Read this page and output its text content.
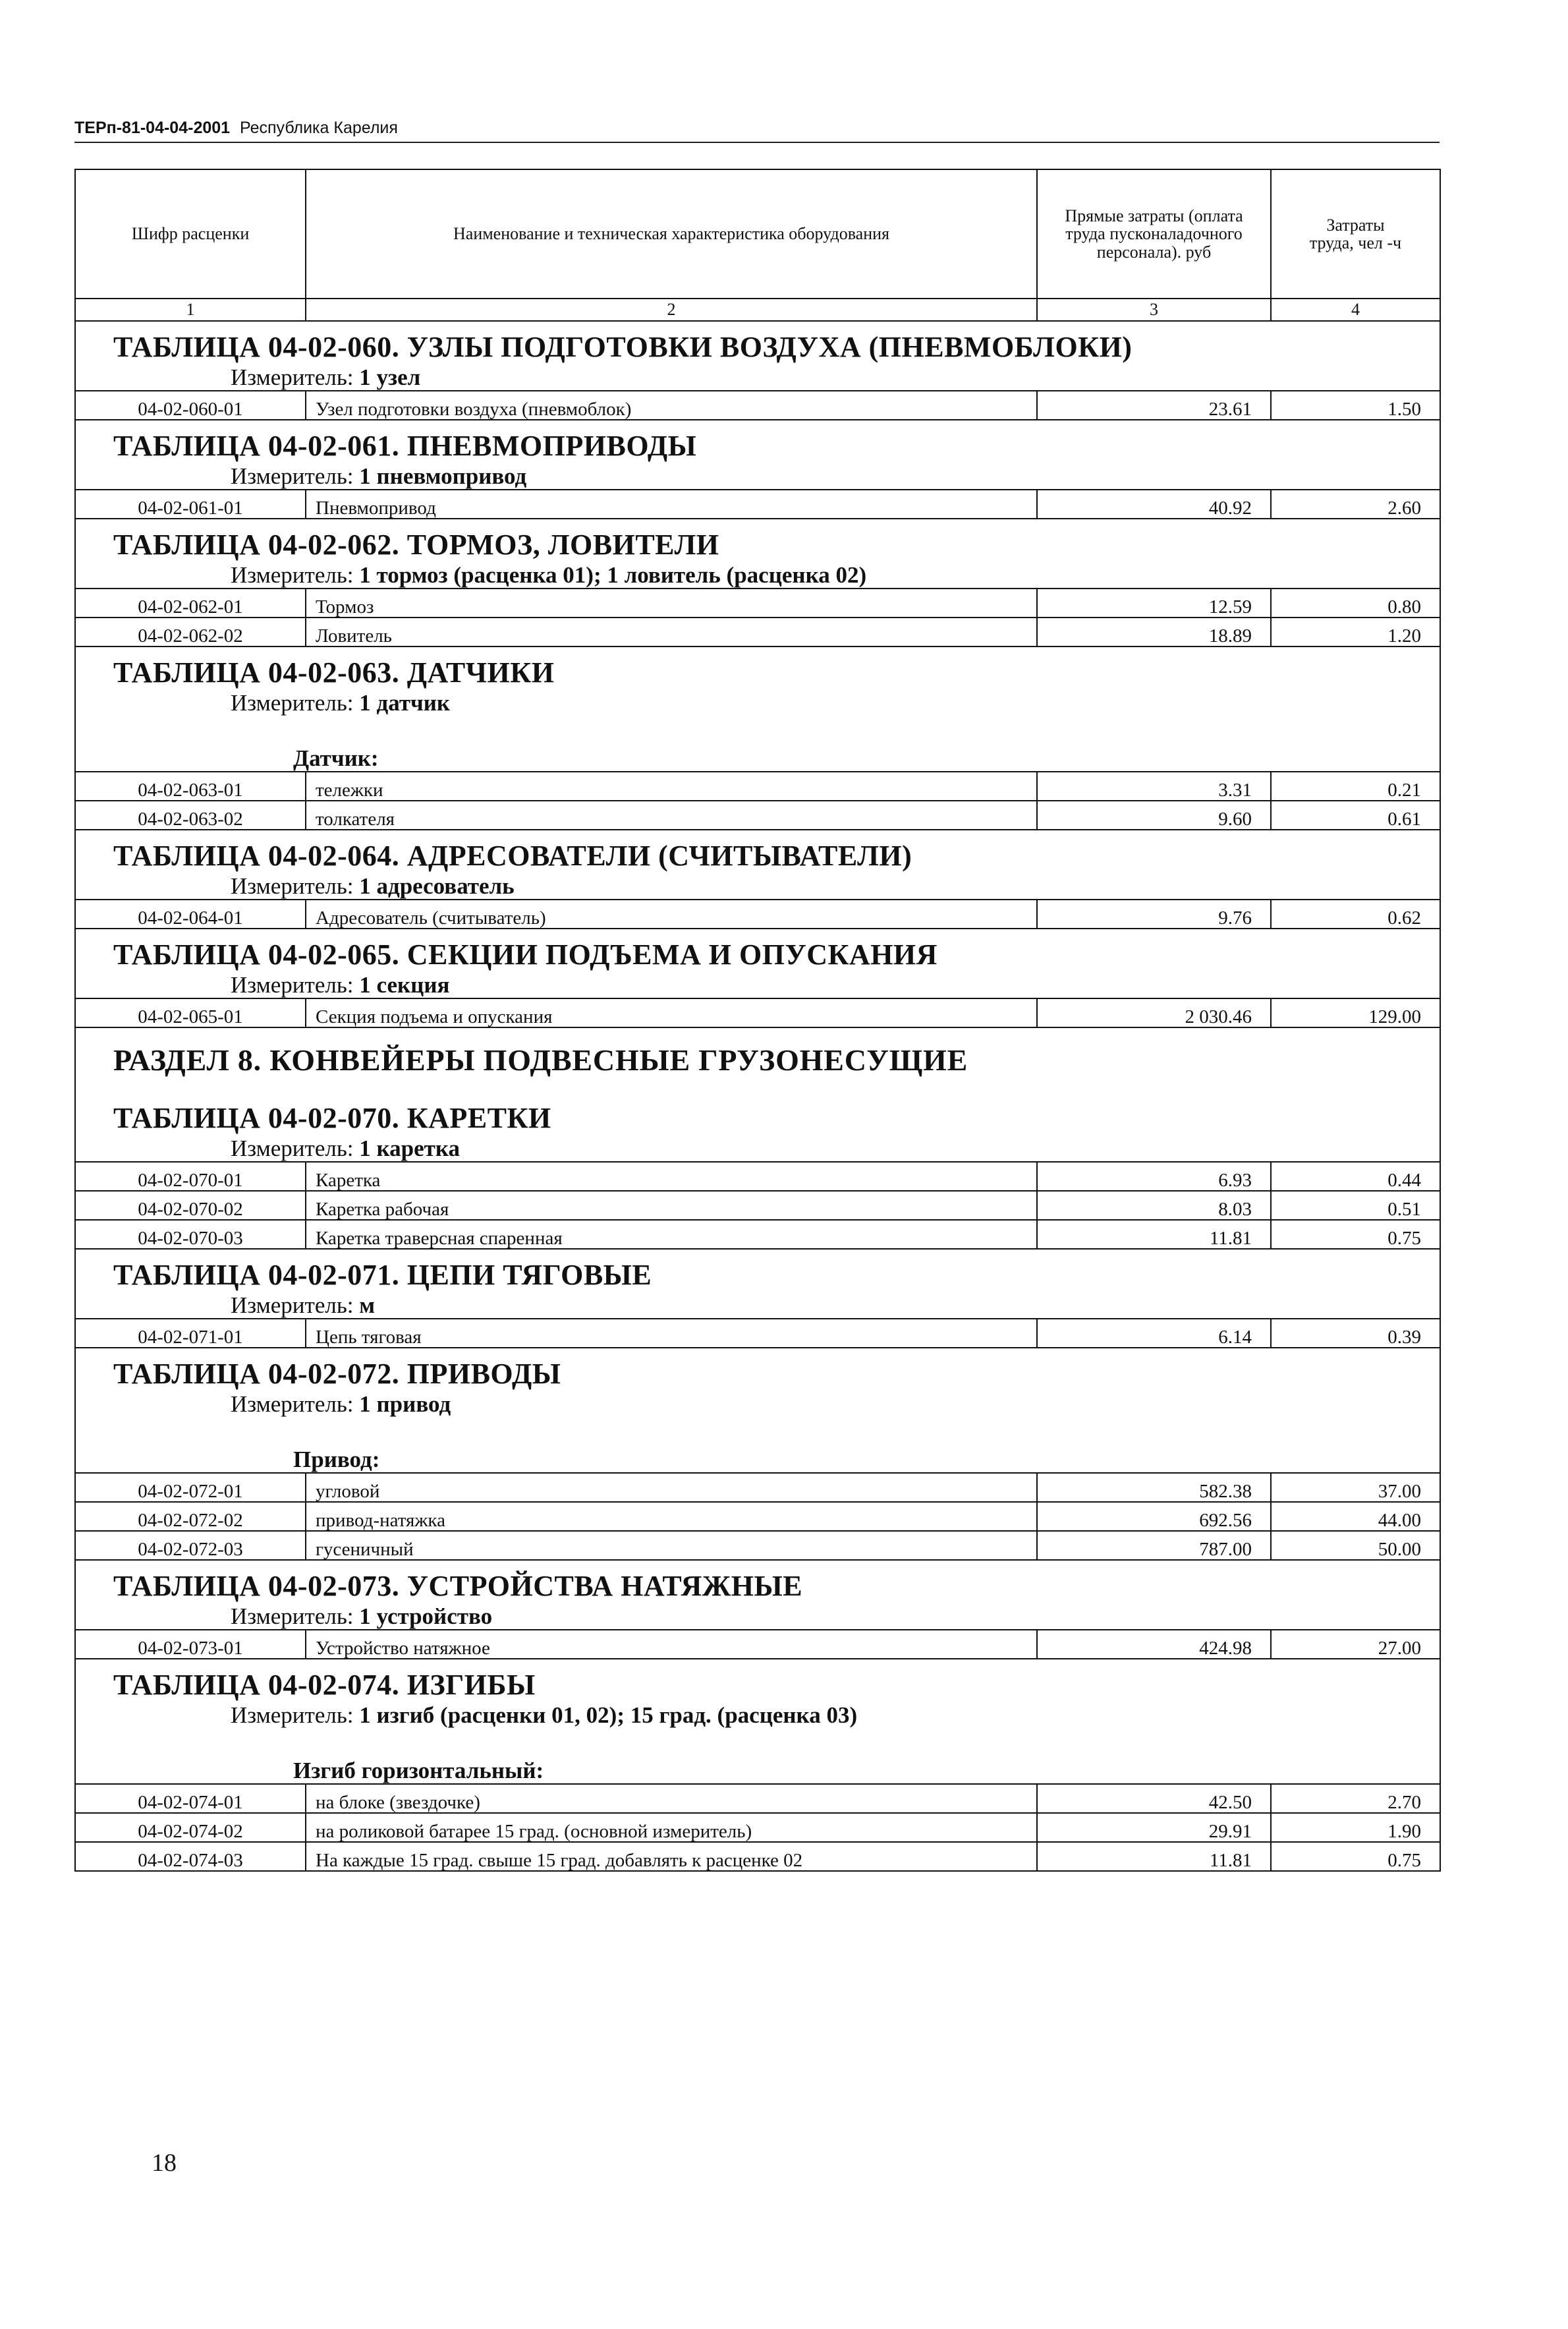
ТЕРп-81-04-04-2001 Республика Карелия
Шифр расценки	Наименование и техническая характеристика оборудования	Прямые затраты (оплата труда пусконаладочного персонала). руб	Затраты труда, чел -ч
1	2	3	4
ТАБЛИЦА 04-02-060. УЗЛЫ ПОДГОТОВКИ ВОЗДУХА (ПНЕВМОБЛОКИ)			
Измеритель: 1 узел			
04-02-060-01	Узел подготовки воздуха (пневмоблок)	23.61	1.50
ТАБЛИЦА 04-02-061. ПНЕВМОПРИВОДЫ			
Измеритель: 1 пневмопривод			
04-02-061-01	Пневмопривод	40.92	2.60
ТАБЛИЦА 04-02-062. ТОРМОЗ, ЛОВИТЕЛИ			
Измеритель: 1 тормоз (расценка 01); 1 ловитель (расценка 02)			
04-02-062-01	Тормоз	12.59	0.80
04-02-062-02	Ловитель	18.89	1.20
ТАБЛИЦА 04-02-063. ДАТЧИКИ			
Измеритель: 1 датчик			

Датчик:			
04-02-063-01	тележки	3.31	0.21
04-02-063-02	толкателя	9.60	0.61
ТАБЛИЦА 04-02-064. АДРЕСОВАТЕЛИ (СЧИТЫВАТЕЛИ)			
Измеритель: 1 адресователь			
04-02-064-01	Адресователь (считыватель)	9.76	0.62
ТАБЛИЦА 04-02-065. СЕКЦИИ ПОДЪЕМА И ОПУСКАНИЯ			
Измеритель: 1 секция			
04-02-065-01	Секция подъема и опускания	2 030.46	129.00
РАЗДЕЛ 8. КОНВЕЙЕРЫ ПОДВЕСНЫЕ ГРУЗОНЕСУЩИЕ			
ТАБЛИЦА 04-02-070. КАРЕТКИ			
Измеритель: 1 каретка			
04-02-070-01	Каретка	6.93	0.44
04-02-070-02	Каретка рабочая	8.03	0.51
04-02-070-03	Каретка траверсная спаренная	11.81	0.75
ТАБЛИЦА 04-02-071. ЦЕПИ ТЯГОВЫЕ			
Измеритель: м			
04-02-071-01	Цепь тяговая	6.14	0.39
ТАБЛИЦА 04-02-072. ПРИВОДЫ			
Измеритель: 1 привод			

Привод:			
04-02-072-01	угловой	582.38	37.00
04-02-072-02	привод-натяжка	692.56	44.00
04-02-072-03	гусеничный	787.00	50.00
ТАБЛИЦА 04-02-073. УСТРОЙСТВА НАТЯЖНЫЕ			
Измеритель: 1 устройство			
04-02-073-01	Устройство натяжное	424.98	27.00
ТАБЛИЦА 04-02-074. ИЗГИБЫ			
Измеритель: 1 изгиб (расценки 01, 02); 15 град. (расценка 03)			

Изгиб горизонтальный:			
04-02-074-01	на блоке (звездочке)	42.50	2.70
04-02-074-02	на роликовой батарее 15 град. (основной измеритель)	29.91	1.90
04-02-074-03	На каждые 15 град. свыше 15 град. добавлять к расценке 02	11.81	0.75
18
